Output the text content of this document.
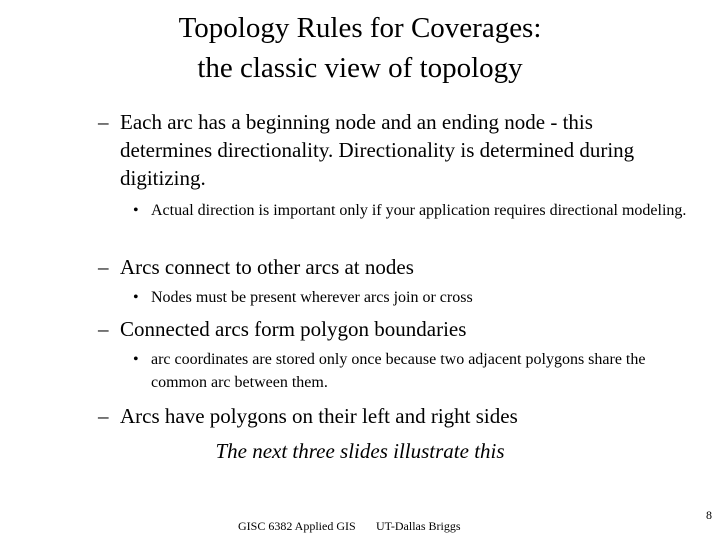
Topology Rules for Coverages:
the classic view of topology
– Each arc has a beginning node and an ending node - this determines directionality. Directionality is determined during digitizing.
• Actual direction is important only if your application requires directional modeling.
– Arcs connect to other arcs at nodes
• Nodes must be present wherever arcs join or cross
– Connected arcs form polygon boundaries
• arc coordinates are stored only once because two adjacent polygons share the common arc between them.
– Arcs have polygons on their left and right sides
The next three slides illustrate this
GISC 6382 Applied GIS UT-Dallas Briggs
8
